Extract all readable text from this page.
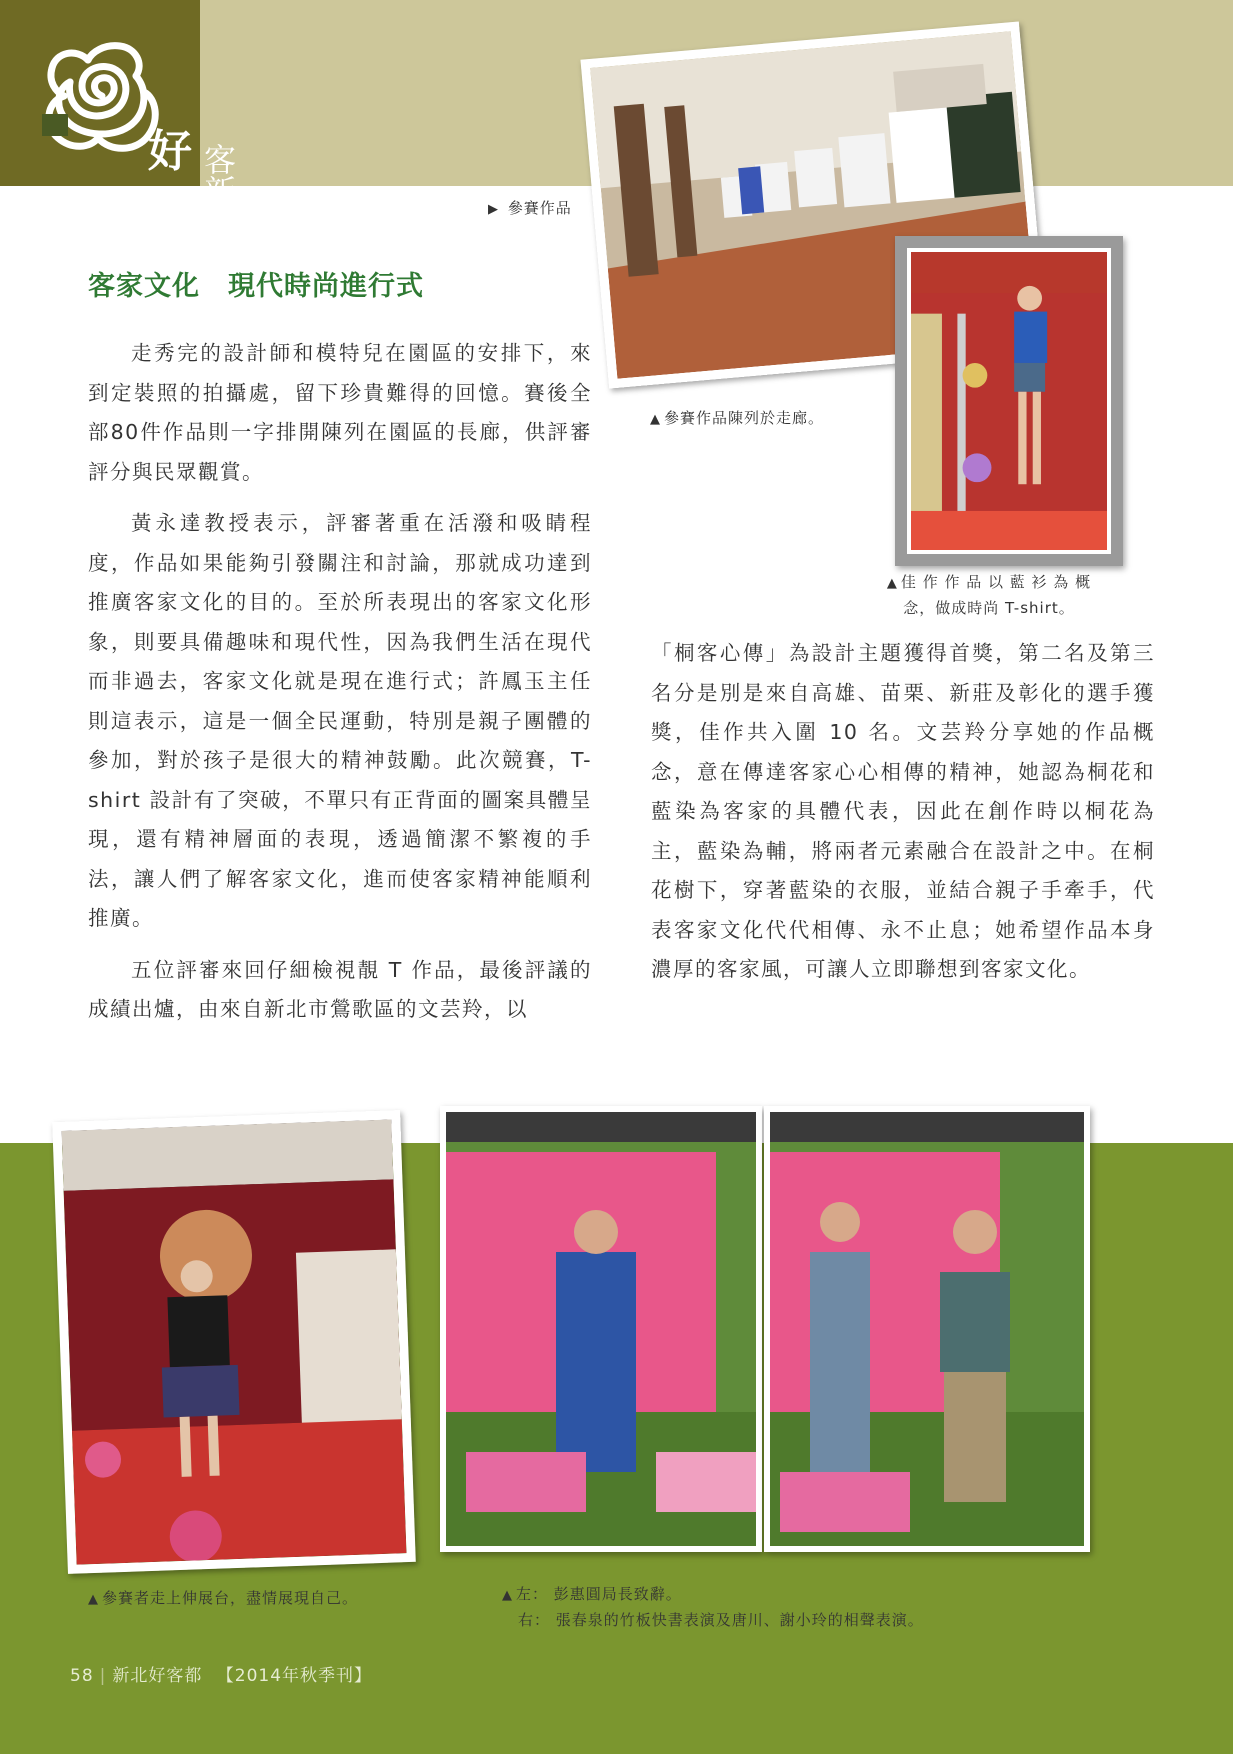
好 客新北	▶ 參賽作品
▲ 參賽作品陳列於走廊。
▲ 佳 作 作 品 以 藍 衫 為 概
念，做成時尚 T-shirt。
客家文化　現代時尚進行式

走秀完的設計師和模特兒在園區的安排下，來到定裝照的拍攝處，留下珍貴難得的回憶。賽後全部80件作品則一字排開陳列在園區的長廊，供評審評分與民眾觀賞。

黃永達教授表示，評審著重在活潑和吸睛程度，作品如果能夠引發關注和討論，那就成功達到推廣客家文化的目的。至於所表現出的客家文化形象，則要具備趣味和現代性，因為我們生活在現代而非過去，客家文化就是現在進行式；許鳳玉主任則這表示，這是一個全民運動，特別是親子團體的參加，對於孩子是很大的精神鼓勵。此次競賽，T-shirt 設計有了突破，不單只有正背面的圖案具體呈現，還有精神層面的表現，透過簡潔不繁複的手法，讓人們了解客家文化，進而使客家精神能順利推廣。

五位評審來回仔細檢視靚 T 作品，最後評議的成績出爐，由來自新北市鶯歌區的文芸羚，以

「桐客心傳」為設計主題獲得首獎，第二名及第三名分是別是來自高雄、苗栗、新莊及彰化的選手獲獎，佳作共入圍 10 名。文芸羚分享她的作品概念，意在傳達客家心心相傳的精神，她認為桐花和藍染為客家的具體代表，因此在創作時以桐花為主，藍染為輔，將兩者元素融合在設計之中。在桐花樹下，穿著藍染的衣服，並結合親子手牽手，代表客家文化代代相傳、永不止息；她希望作品本身濃厚的客家風，可讓人立即聯想到客家文化。

▲ 參賽者走上伸展台，盡情展現自己。	▲ 左： 彭惠圓局長致辭。
右： 張春泉的竹板快書表演及唐川、謝小玲的相聲表演。
58 | 新北好客都 【2014年秋季刊】
